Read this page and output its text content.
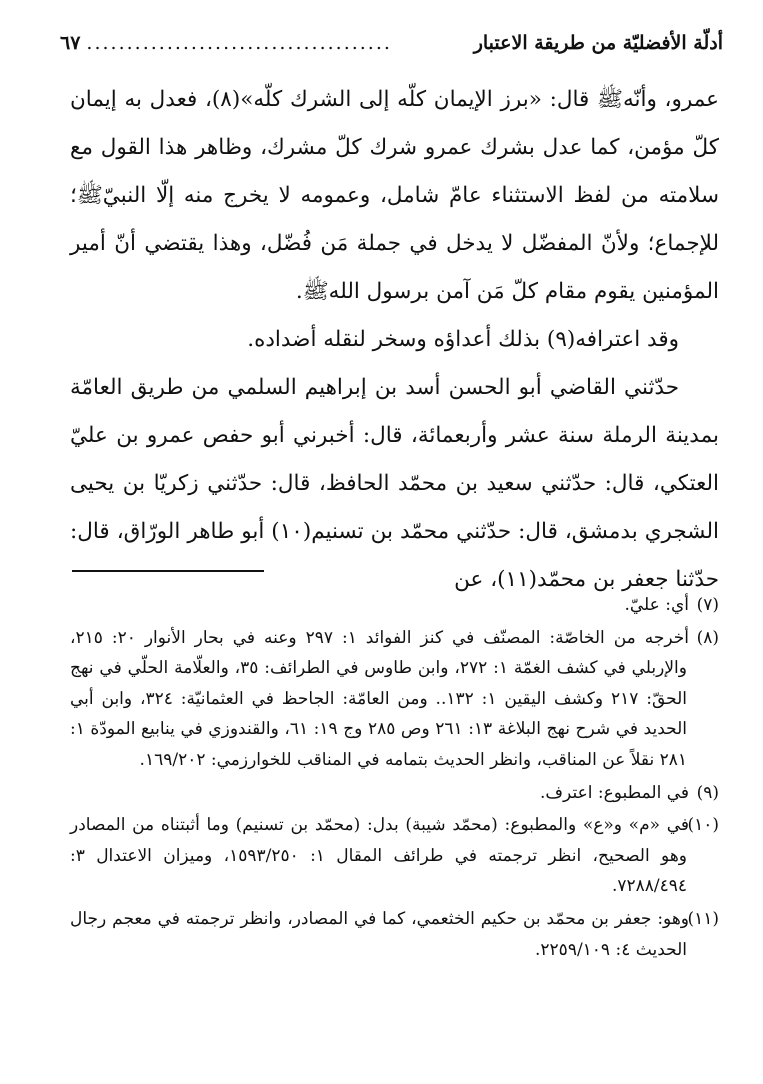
أدلّة الأفضليّة من طريقة الاعتبار
......................................
٦٧

عمرو، وأنّهﷺ قال: «برز الإيمان كلّه إلى الشرك كلّه»(٨)، فعدل به إيمان كلّ مؤمن، كما عدل بشرك عمرو شرك كلّ مشرك، وظاهر هذا القول مع سلامته من لفظ الاستثناء عامّ شامل، وعمومه لا يخرج منه إلّا النبيّﷺ؛ للإجماع؛ ولأنّ المفضّل لا يدخل في جملة مَن فُضّل، وهذا يقتضي أنّ أمير المؤمنين يقوم مقام كلّ مَن آمن برسول اللهﷺ.

وقد اعترافه(٩) بذلك أعداؤه وسخر لنقله أضداده.

حدّثني القاضي أبو الحسن أسد بن إبراهيم السلمي من طريق العامّة بمدينة الرملة سنة عشر وأربعمائة، قال: أخبرني أبو حفص عمرو بن عليّ العتكي، قال: حدّثني سعيد بن محمّد الحافظ، قال: حدّثني زكريّا بن يحيى الشجري بدمشق، قال: حدّثني محمّد بن تسنيم(١٠) أبو طاهر الورّاق، قال: حدّثنا جعفر بن محمّد(١١)، عن

(٧)أي: عليّ.

(٨)أخرجه من الخاصّة: المصنّف في كنز الفوائد ١: ٢٩٧ وعنه في بحار الأنوار ٢٠: ٢١٥، والإربلي في كشف الغمّة ١: ٢٧٢، وابن طاوس في الطرائف: ٣٥، والعلّامة الحلّي في نهج الحقّ: ٢١٧ وكشف اليقين ١: ١٣٢.. ومن العامّة: الجاحظ في العثمانيّة: ٣٢٤، وابن أبي الحديد في شرح نهج البلاغة ١٣: ٢٦١ وص ٢٨٥ وج ١٩: ٦١، والقندوزي في ينابيع المودّة ١: ٢٨١ نقلاً عن المناقب، وانظر الحديث بتمامه في المناقب للخوارزمي: ١٦٩/٢٠٢.

(٩)في المطبوع: اعترف.

(١٠)في «م» و«ع» والمطبوع: (محمّد شيبة) بدل: (محمّد بن تسنيم) وما أثبتناه من المصادر وهو الصحيح، انظر ترجمته في طرائف المقال ١: ١٥٩٣/٢٥٠، وميزان الاعتدال ٣: ٧٢٨٨/٤٩٤.

(١١)وهو: جعفر بن محمّد بن حكيم الخثعمي، كما في المصادر، وانظر ترجمته في معجم رجال الحديث ٤: ٢٢٥٩/١٠٩.
